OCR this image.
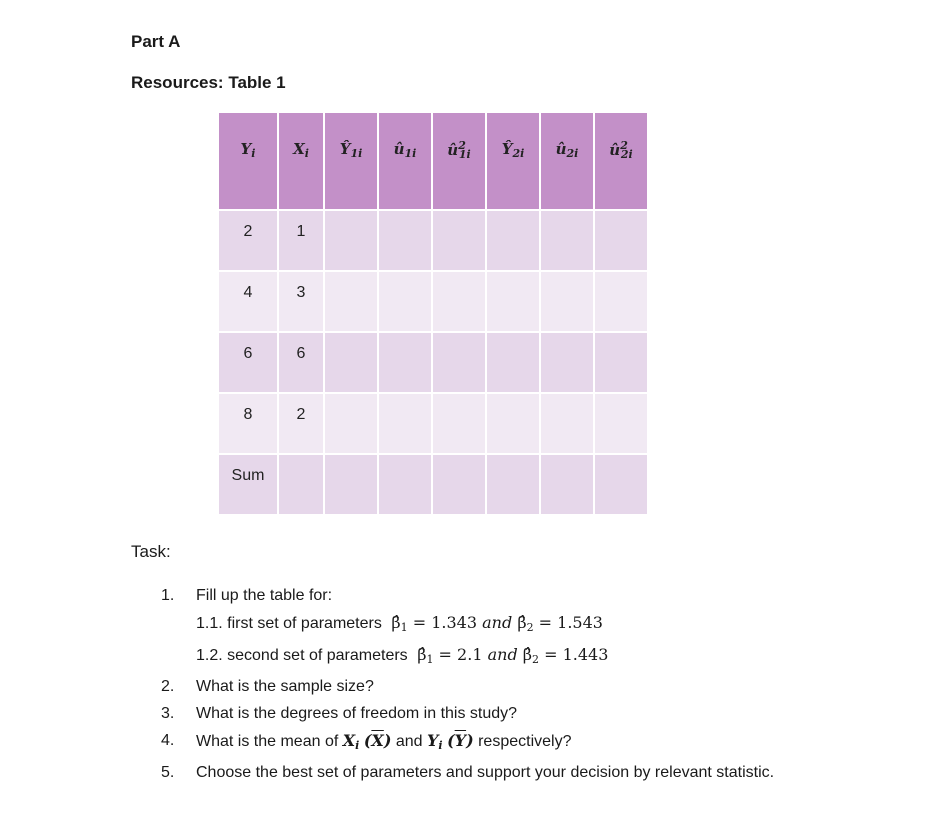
Part A
Resources: Table 1
$Y_i$	$X_i$	$Ŷ_{1i}$	$û_{1i}$	$û^2_{1i}$	$Ŷ_{2i}$	$û_{2i}$	$û^2_{2i}$
2	1						
4	3						
6	6						
8	2						
Sum							
Task:
1. Fill up the table for:
1.1. first set of parameters  β̂1 = 1.343 and β̂2 = 1.543
1.2. second set of parameters  β̂1 = 2.1 and β̂2 = 1.443
2. What is the sample size?
3. What is the degrees of freedom in this study?
4. What is the mean of Xi $(\overline{X})$ and Yi $(\overline{Y})$ respectively?
5. Choose the best set of parameters and support your decision by relevant statistic.
